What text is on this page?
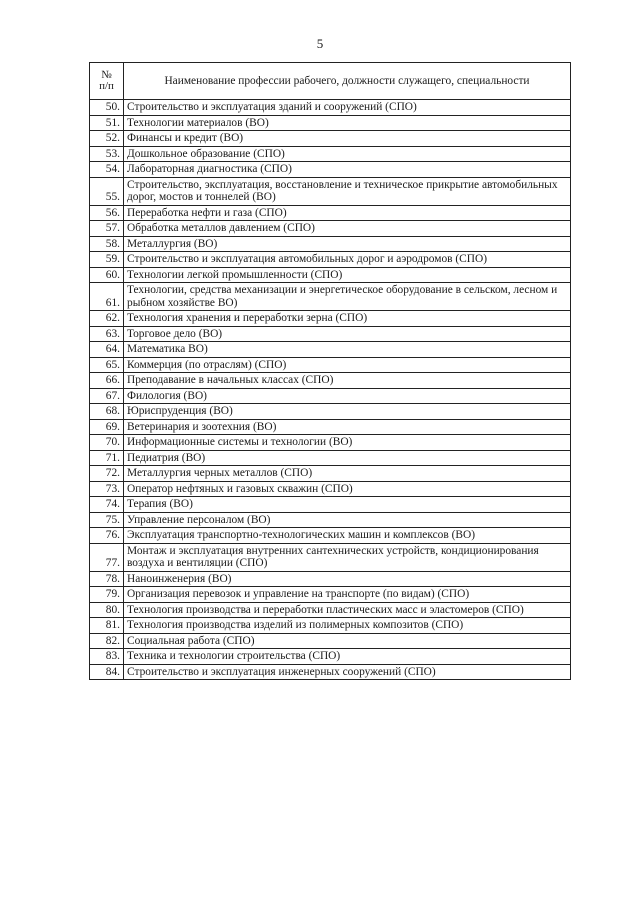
5
№
п/п	Наименование профессии рабочего, должности служащего, специальности
50.	Строительство и эксплуатация зданий и сооружений (СПО)
51.	Технологии материалов (ВО)
52.	Финансы и кредит (ВО)
53.	Дошкольное образование (СПО)
54.	Лабораторная диагностика (СПО)
55.	Строительство, эксплуатация, восстановление и техническое прикрытие автомобильных дорог, мостов и тоннелей (ВО)
56.	Переработка нефти и газа (СПО)
57.	Обработка металлов давлением (СПО)
58.	Металлургия (ВО)
59.	Строительство и эксплуатация автомобильных дорог и аэродромов (СПО)
60.	Технологии легкой промышленности (СПО)
61.	Технологии, средства механизации и энергетическое оборудование в сельском, лесном и рыбном хозяйстве ВО)
62.	Технология хранения и переработки зерна (СПО)
63.	Торговое дело (ВО)
64.	Математика ВО)
65.	Коммерция (по отраслям) (СПО)
66.	Преподавание в начальных классах (СПО)
67.	Филология (ВО)
68.	Юриспруденция (ВО)
69.	Ветеринария и зоотехния (ВО)
70.	Информационные системы и технологии (ВО)
71.	Педиатрия (ВО)
72.	Металлургия черных металлов (СПО)
73.	Оператор нефтяных и газовых скважин (СПО)
74.	Терапия (ВО)
75.	Управление персоналом (ВО)
76.	Эксплуатация транспортно-технологических машин и комплексов (ВО)
77.	Монтаж и эксплуатация внутренних сантехнических устройств, кондиционирования воздуха и вентиляции (СПО)
78.	Наноинженерия (ВО)
79.	Организация перевозок и управление на транспорте (по видам) (СПО)
80.	Технология производства и переработки пластических масс и эластомеров (СПО)
81.	Технология производства изделий из полимерных композитов (СПО)
82.	Социальная работа (СПО)
83.	Техника и технологии строительства (СПО)
84.	Строительство и эксплуатация инженерных сооружений (СПО)
